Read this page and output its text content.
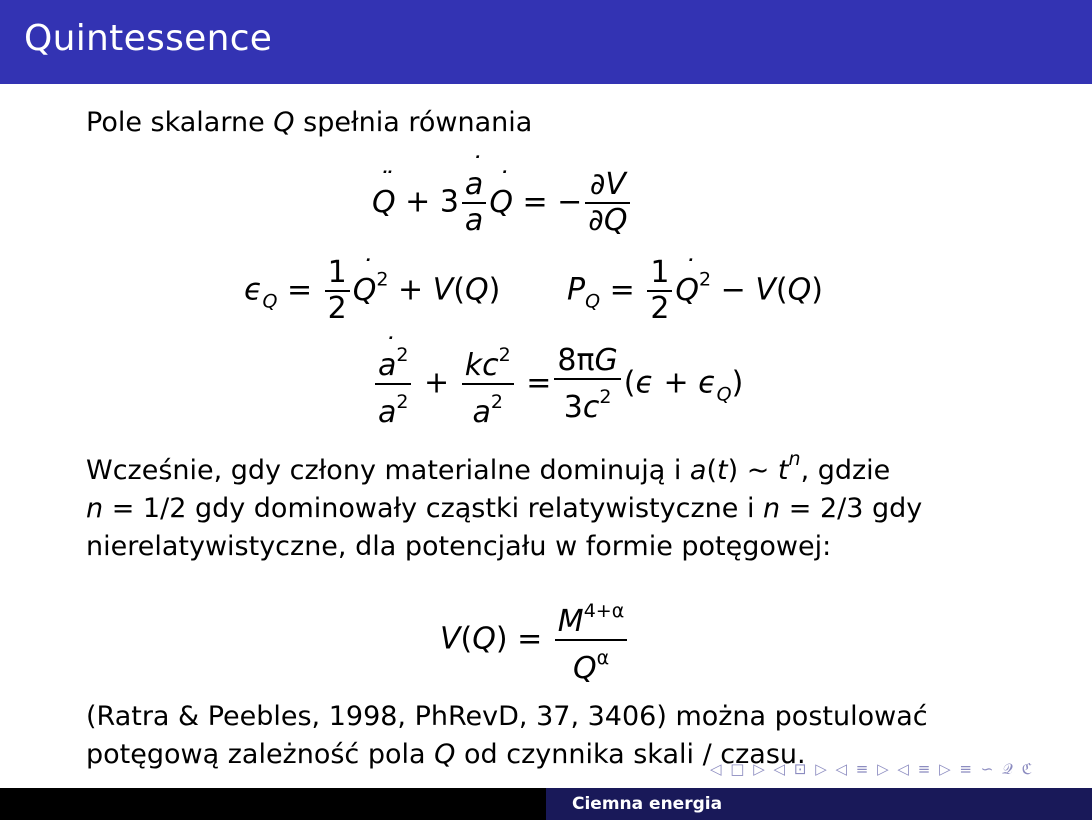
Quintessence
Pole skalarne Q spełnia równania
¨ Q + 3 ˙ $\frac{a}{a}$ ˙ Q = − $\frac{\partial V}{\partial Q}$
$\epsilon_Q = \frac{1}{2}$ ˙ $Q^2 + V(Q)$       $P_Q = \frac{1}{2}$ ˙ $Q^2 - V(Q)$
˙ $\frac{a^2}{a^2} + \frac{kc^2}{a^2} = \frac{8\pi G}{3c^2} (\epsilon + \epsilon_Q)$
Wcześnie, gdy człony materialne dominują i a(t) ∼ $t^n$, gdzie
n = 1/2 gdy dominowały cząstki relatywistyczne i n = 2/3 gdy
nierelatywistyczne, dla potencjału w formie potęgowej:
$V(Q) = \frac{M^{4+\alpha}}{Q^\alpha}$
(Ratra & Peebles, 1998, PhRevD, 37, 3406) można postulować
potęgową zależność pola Q od czynnika skali / czasu.
◁ □ ▷ ◁ ⊡ ▷ ◁ ≡ ▷ ◁ ≡ ▷ ≡ ∽ 𝒬 ℭ
Ciemna energia
